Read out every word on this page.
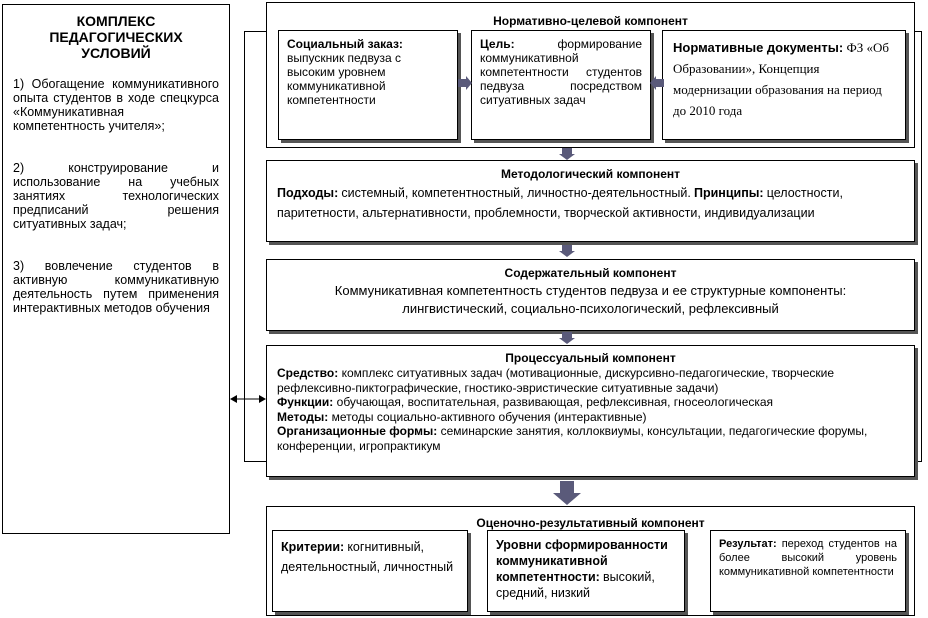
КОМПЛЕКС ПЕДАГОГИЧЕСКИХ УСЛОВИЙ

1) Обогащение коммуникативного опыта студентов в ходе спецкурса «Коммуникативная компетентность учителя»;

2) конструирование и использование на учебных занятиях технологических предписаний решения ситуативных задач;

3) вовлечение студентов в активную коммуникативную деятельность путем применения интерактивных методов обучения

Нормативно-целевой компонент

Социальный заказ: выпускник педвуза с высоким уровнем коммуникативной компетентности

Цель:	формирование коммуникативной компетентности студентов педвуза посредством ситуативных задач

Нормативные документы: ФЗ «Об Образовании», Концепция модернизации образования на период до 2010 года

Методологический компонент

Подходы: системный, компетентностный, личностно-деятельностный. Принципы: целостности, паритетности, альтернативности, проблемности, творческой активности, индивидуализации

Содержательный компонент

Коммуникативная компетентность студентов педвуза и ее структурные компоненты: лингвистический, социально-психологический, рефлексивный

Процессуальный компонент

Средство: комплекс ситуативных задач (мотивационные, дискурсивно-педагогические, творческие рефлексивно-пиктографические, гностико-эвристические ситуативные задачи)

Функции: обучающая, воспитательная, развивающая, рефлексивная, гносеологическая

Методы: методы социально-активного обучения (интерактивные)

Организационные формы: семинарские занятия, коллоквиумы, консультации, педагогические форумы, конференции, игропрактикум

Оценочно-результативный компонент

Критерии: когнитивный, деятельностный, личностный

Уровни сформированности коммуникативной компетентности: высокий, средний, низкий

Результат: переход студентов на более высокий уровень коммуникативной компетентности
